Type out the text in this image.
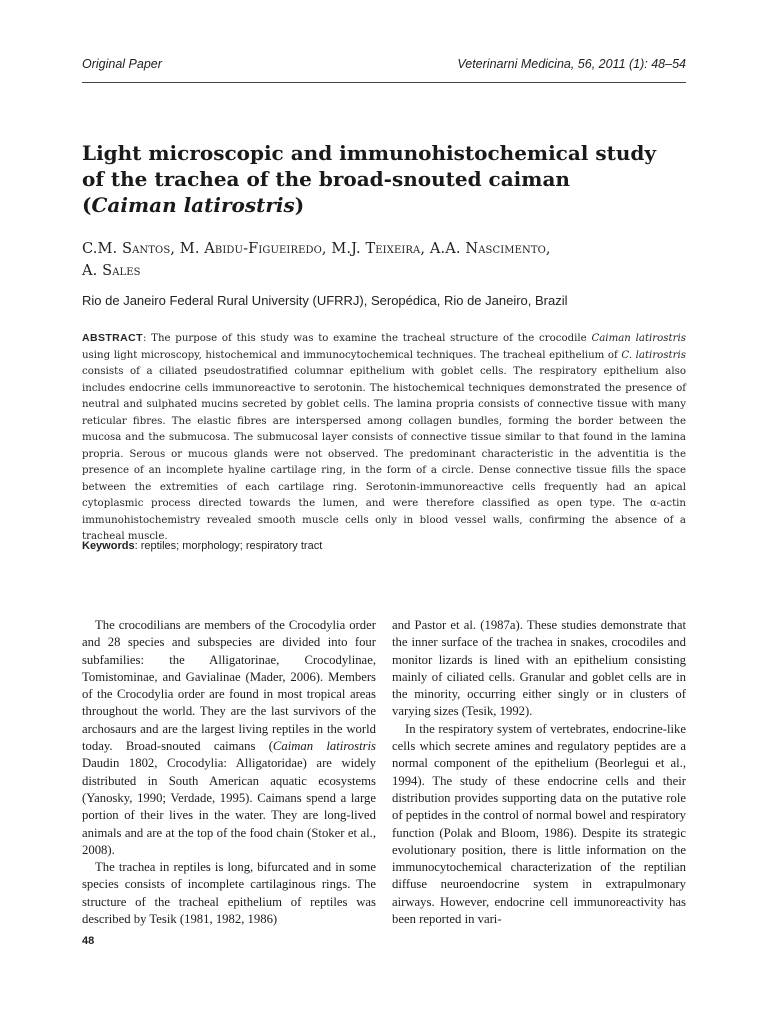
Original Paper	Veterinarni Medicina, 56, 2011 (1): 48–54
Light microscopic and immunohistochemical study
of the trachea of the broad-snouted caiman
(Caiman latirostris)
C.M. Santos, M. Abidu-Figueiredo, M.J. Teixeira, A.A. Nascimento,
A. Sales
Rio de Janeiro Federal Rural University (UFRRJ), Seropédica, Rio de Janeiro, Brazil
ABSTRACT: The purpose of this study was to examine the tracheal structure of the crocodile Caiman latirostris using light microscopy, histochemical and immunocytochemical techniques. The tracheal epithelium of C. latirostris consists of a ciliated pseudostratified columnar epithelium with goblet cells. The respiratory epithelium also includes endocrine cells immunoreactive to serotonin. The histochemical techniques demonstrated the presence of neutral and sulphated mucins secreted by goblet cells. The lamina propria consists of connective tissue with many reticular fibres. The elastic fibres are interspersed among collagen bundles, forming the border between the mucosa and the submucosa. The submucosal layer consists of connective tissue similar to that found in the lamina propria. Serous or mucous glands were not observed. The predominant characteristic in the adventitia is the presence of an incomplete hyaline cartilage ring, in the form of a circle. Dense connective tissue fills the space between the extremities of each cartilage ring. Serotonin-immunoreactive cells frequently had an apical cytoplasmic process directed towards the lumen, and were therefore classified as open type. The α-actin immunohistochemistry revealed smooth muscle cells only in blood vessel walls, confirming the absence of a tracheal muscle.
Keywords: reptiles; morphology; respiratory tract

The crocodilians are members of the Crocodylia order and 28 species and subspecies are divided into four subfamilies: the Alligatorinae, Crocodylinae, Tomistominae, and Gavialinae (Mader, 2006). Members of the Crocodylia order are found in most tropical areas throughout the world. They are the last survivors of the archosaurs and are the largest living reptiles in the world today. Broad-snouted caimans (Caiman latirostris Daudin 1802, Crocodylia: Alligatoridae) are widely distributed in South American aquatic ecosystems (Yanosky, 1990; Verdade, 1995). Caimans spend a large portion of their lives in the water. They are long-lived animals and are at the top of the food chain (Stoker et al., 2008).

The trachea in reptiles is long, bifurcated and in some species consists of incomplete cartilaginous rings. The structure of the tracheal epithelium of reptiles was described by Tesik (1981, 1982, 1986)

and Pastor et al. (1987a). These studies demonstrate that the inner surface of the trachea in snakes, crocodiles and monitor lizards is lined with an epithelium consisting mainly of ciliated cells. Granular and goblet cells are in the minority, occurring either singly or in clusters of varying sizes (Tesik, 1992).

In the respiratory system of vertebrates, endocrine-like cells which secrete amines and regulatory peptides are a normal component of the epithelium (Beorlegui et al., 1994). The study of these endocrine cells and their distribution provides supporting data on the putative role of peptides in the control of normal bowel and respiratory function (Polak and Bloom, 1986). Despite its strategic evolutionary position, there is little information on the immunocytochemical characterization of the reptilian diffuse neuroendocrine system in extrapulmonary airways. However, endocrine cell immunoreactivity has been reported in vari-

48
